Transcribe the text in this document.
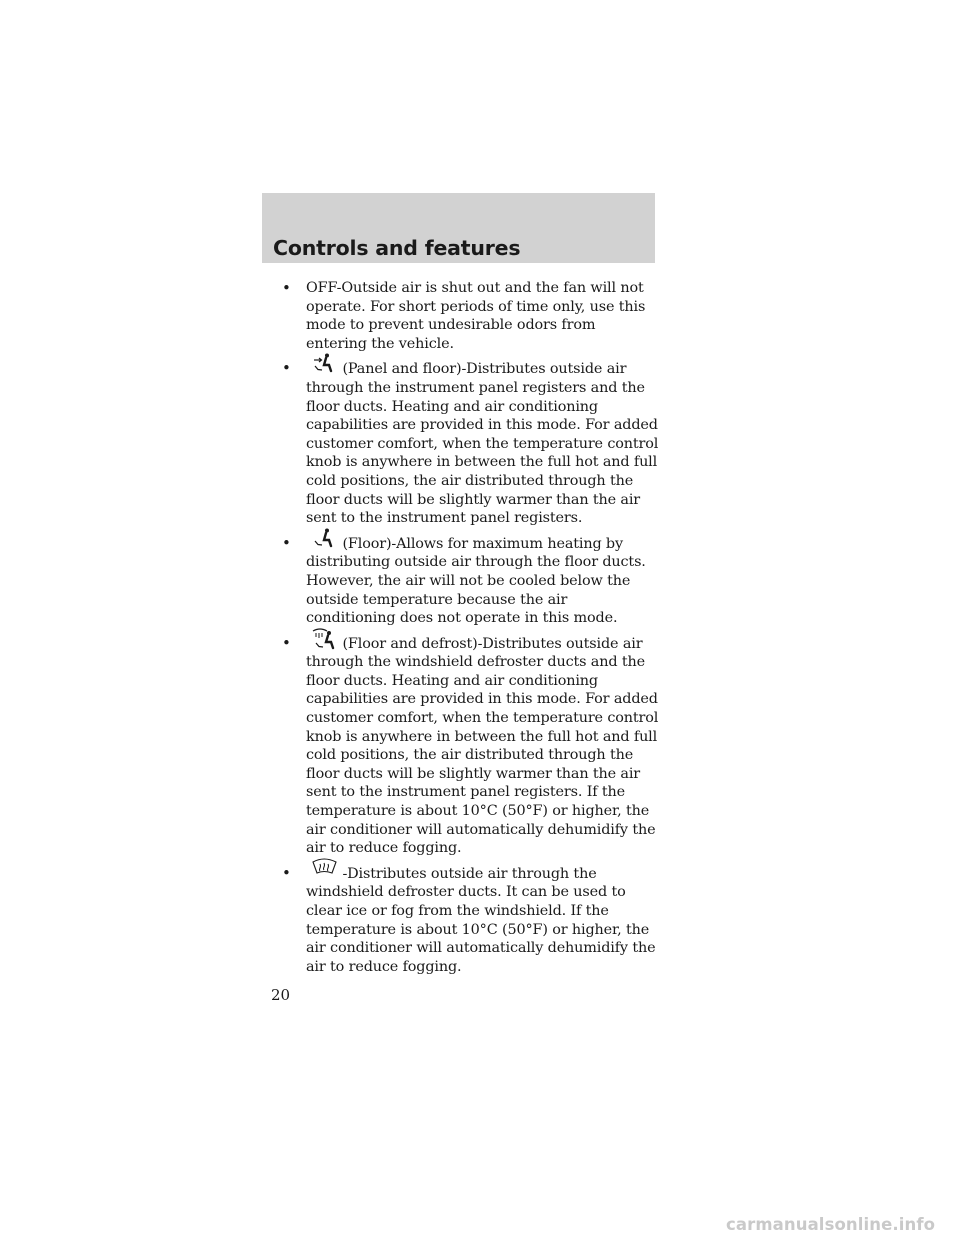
Controls and features
•	OFF-Outside air is shut out and the fan will not operate. For short periods of time only, use this mode to prevent undesirable odors from entering the vehicle.
•	(Panel and floor)-Distributes outside air through the instrument panel registers and the floor ducts. Heating and air conditioning capabilities are provided in this mode. For added customer comfort, when the temperature control knob is anywhere in between the full hot and full cold positions, the air distributed through the floor ducts will be slightly warmer than the air sent to the instrument panel registers.
•	(Floor)-Allows for maximum heating by distributing outside air through the floor ducts. However, the air will not be cooled below the outside temperature because the air conditioning does not operate in this mode.
•	(Floor and defrost)-Distributes outside air through the windshield defroster ducts and the floor ducts. Heating and air conditioning capabilities are provided in this mode. For added customer comfort, when the temperature control knob is anywhere in between the full hot and full cold positions, the air distributed through the floor ducts will be slightly warmer than the air sent to the instrument panel registers. If the temperature is about 10°C (50°F) or higher, the air conditioner will automatically dehumidify the air to reduce fogging.
•	-Distributes outside air through the windshield defroster ducts. It can be used to clear ice or fog from the windshield. If the temperature is about 10°C (50°F) or higher, the air conditioner will automatically dehumidify the air to reduce fogging.
20
carmanualsonline.info
